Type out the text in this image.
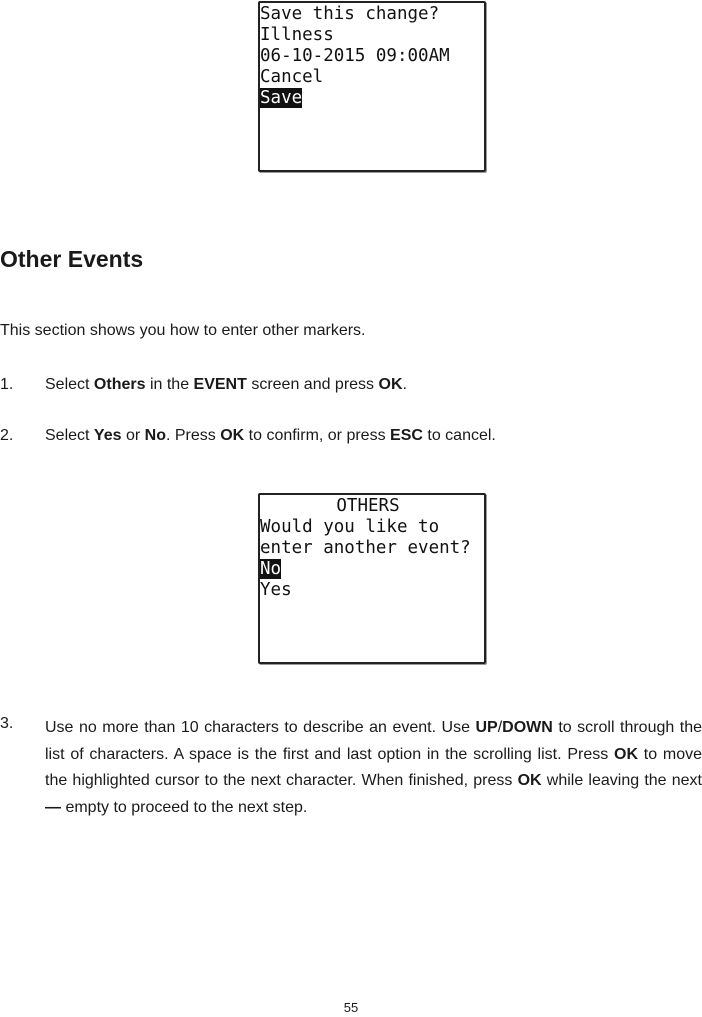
Save this change?
Illness
06-10-2015 09:00AM
Cancel
Save
Other Events

This section shows you how to enter other markers.

1. Select Others in the EVENT screen and press OK.
2. Select Yes or No. Press OK to confirm, or press ESC to cancel.
OTHERS
Would you like to
enter another event?
No
Yes
3. Use no more than 10 characters to describe an event. Use UP/DOWN to scroll through the list of characters. A space is the first and last option in the scrolling list. Press OK to move the highlighted cursor to the next character. When finished, press OK while leaving the next — empty to proceed to the next step.
55
